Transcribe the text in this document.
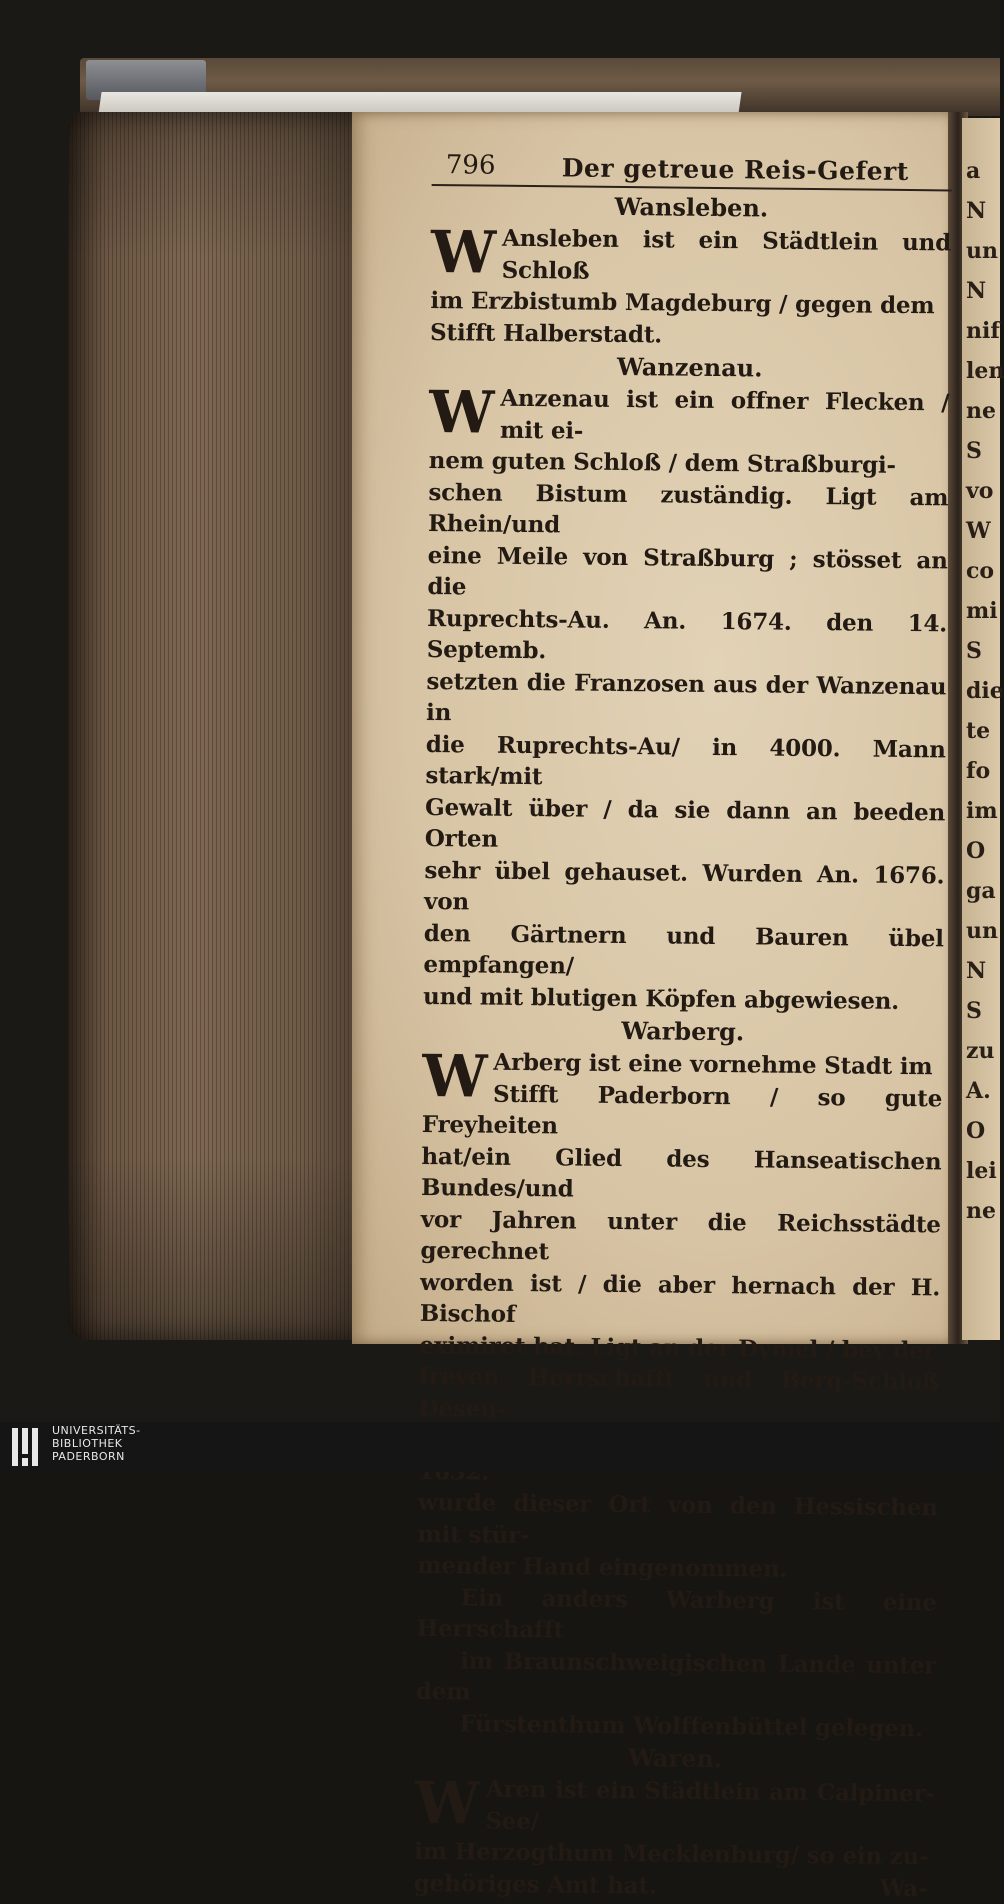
a
N
un
N
nif
len
ne
S
vo
W
co
mi
S
die
te
fo
im
O
ga
un
N
S
zu
A.
O
lei
ne
796	Der getreue Reis-Gefert

Wansleben.

W Ansleben ist ein Städtlein und Schloß
im Erzbistumb Magdeburg / gegen dem
Stifft Halberstadt.

Wanzenau.

W Anzenau ist ein offner Flecken / mit ei-
nem guten Schloß / dem Straßburgi-
schen Bistum zuständig. Ligt am Rhein/und
eine Meile von Straßburg ; stösset an die
Ruprechts-Au. An. 1674. den 14. Septemb.
setzten die Franzosen aus der Wanzenau in
die Ruprechts-Au/ in 4000. Mann stark/mit
Gewalt über / da sie dann an beeden Orten
sehr übel gehauset. Wurden An. 1676. von
den Gärtnern und Bauren übel empfangen/
und mit blutigen Köpfen abgewiesen.

Warberg.

W Arberg ist eine vornehme Stadt im
Stifft Paderborn / so gute Freyheiten
hat/ein Glied des Hanseatischen Bundes/und
vor Jahren unter die Reichsstädte gerechnet
worden ist / die aber hernach der H. Bischof
eximiret hat. Ligt an der Dymel / bey der
freyen Herrschafft und Berg-Schloß Desen-
wurde dieser Ort von den Hessischen mit stür-
mender Hand eingenommen.
Ein anders Warberg ist eine Herrschafft
im Braunschweigischen Lande unter dem
Fürstenthum Wolffenbüttel gelegen.

Waren.

W Aren ist ein Städtlein am Calpiner-See/
im Herzogthum Mecklenburg/ so ein zu-
gehöriges Amt hat.	Wa-
UNIVERSITÄTS-
BIBLIOTHEK
PADERBORN
